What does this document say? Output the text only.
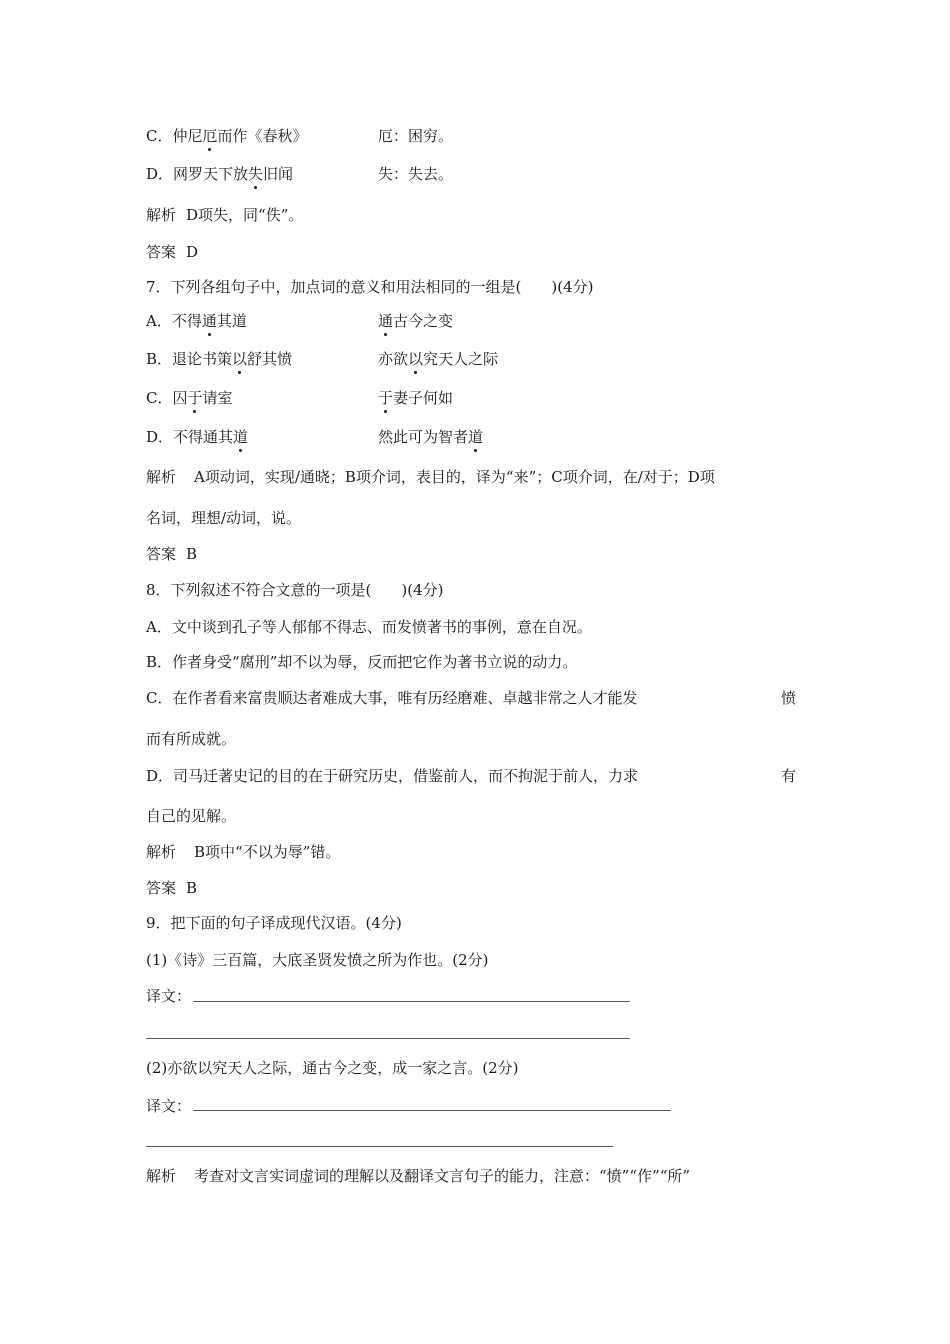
C．仲尼厄而作《春秋》	厄：困穷。
D．网罗天下放失旧闻	失：失去。
解析 D项失，同“佚”。
答案 D
7．下列各组句子中，加点词的意义和用法相同的一组是(　　)(4分)
A．不得通其道	通古今之变
B．退论书策以舒其愤	亦欲以究天人之际
C．囚于请室	于妻子何如
D．不得通其道	然此可为智者道
解析 A项动词，实现/通晓；B项介词，表目的，译为“来”；C项介词，在/对于；D项
名词，理想/动词，说。
答案 B
8．下列叙述不符合文意的一项是(　　)(4分)
A．文中谈到孔子等人郁郁不得志、而发愤著书的事例，意在自况。
B．作者身受“腐刑”却不以为辱，反而把它作为著书立说的动力。
C．在作者看来富贵顺达者难成大事，唯有历经磨难、卓越非常之人才能发	愤
而有所成就。
D．司马迁著史记的目的在于研究历史，借鉴前人，而不拘泥于前人，力求	有
自己的见解。
解析 B项中“不以为辱”错。
答案 B
9．把下面的句子译成现代汉语。(4分)
(1)《诗》三百篇，大底圣贤发愤之所为作也。(2分)
译文：
(2)亦欲以究天人之际，通古今之变，成一家之言。(2分)
译文：
解析 考查对文言实词虚词的理解以及翻译文言句子的能力，注意：“愤”“作”“所”
